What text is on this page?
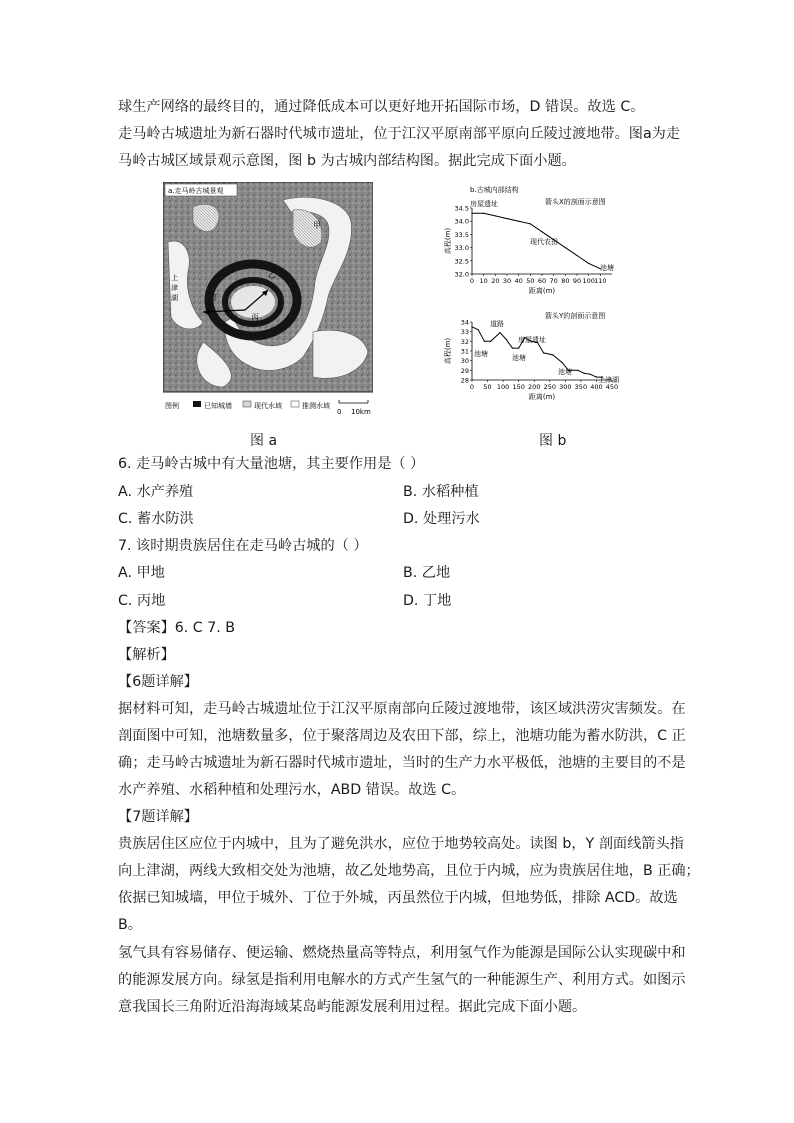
球生产网络的最终目的，通过降低成本可以更好地开拓国际市场，D 错误。故选 C。
走马岭古城遗址为新石器时代城市遗址，位于江汉平原南部平原向丘陵过渡地带。图a为走
马岭古城区域景观示意图，图 b 为古城内部结构图。据此完成下面小题。
甲
乙
丙
丁
上
津
湖
a.走马岭古城景观
图例	已知城墙	现代水域	推测水域
0 10km
图 a
b.古城内部结构
箭头X的剖面示意图
箭头Y的剖面示意图
32.0
32.5
33.0
33.5
34.0
34.5
0 10 20 30 40 50 60 70 80 90 100 110
距离(m)
高程(m)
28
29
30
31
32
33
34
0 50 100 150 200 250 300 350 400 450
距离(m)
高程(m)
房屋遗址
现代农田
池塘
道路
房屋遗址
池塘	池塘
池塘
上津湖
图 b
6. 走马岭古城中有大量池塘，其主要作用是（ ）
A. 水产养殖	B. 水稻种植
C. 蓄水防洪	D. 处理污水
7. 该时期贵族居住在走马岭古城的（ ）
A. 甲地	B. 乙地
C. 丙地	D. 丁地
【答案】6. C 7. B
【解析】
【6题详解】
据材料可知，走马岭古城遗址位于江汉平原南部向丘陵过渡地带，该区域洪涝灾害频发。在
剖面图中可知，池塘数量多，位于聚落周边及农田下部，综上，池塘功能为蓄水防洪，C 正
确；走马岭古城遗址为新石器时代城市遗址，当时的生产力水平极低，池塘的主要目的不是
水产养殖、水稻种植和处理污水，ABD 错误。故选 C。
【7题详解】
贵族居住区应位于内城中，且为了避免洪水，应位于地势较高处。读图 b，Y 剖面线箭头指
向上津湖，两线大致相交处为池塘，故乙处地势高，且位于内城，应为贵族居住地，B 正确；
依据已知城墙，甲位于城外、丁位于外城，丙虽然位于内城，但地势低，排除 ACD。故选
B。
氢气具有容易储存、便运输、燃烧热量高等特点，利用氢气作为能源是国际公认实现碳中和
的能源发展方向。绿氢是指利用电解水的方式产生氢气的一种能源生产、利用方式。如图示
意我国长三角附近沿海海域某岛屿能源发展利用过程。据此完成下面小题。
